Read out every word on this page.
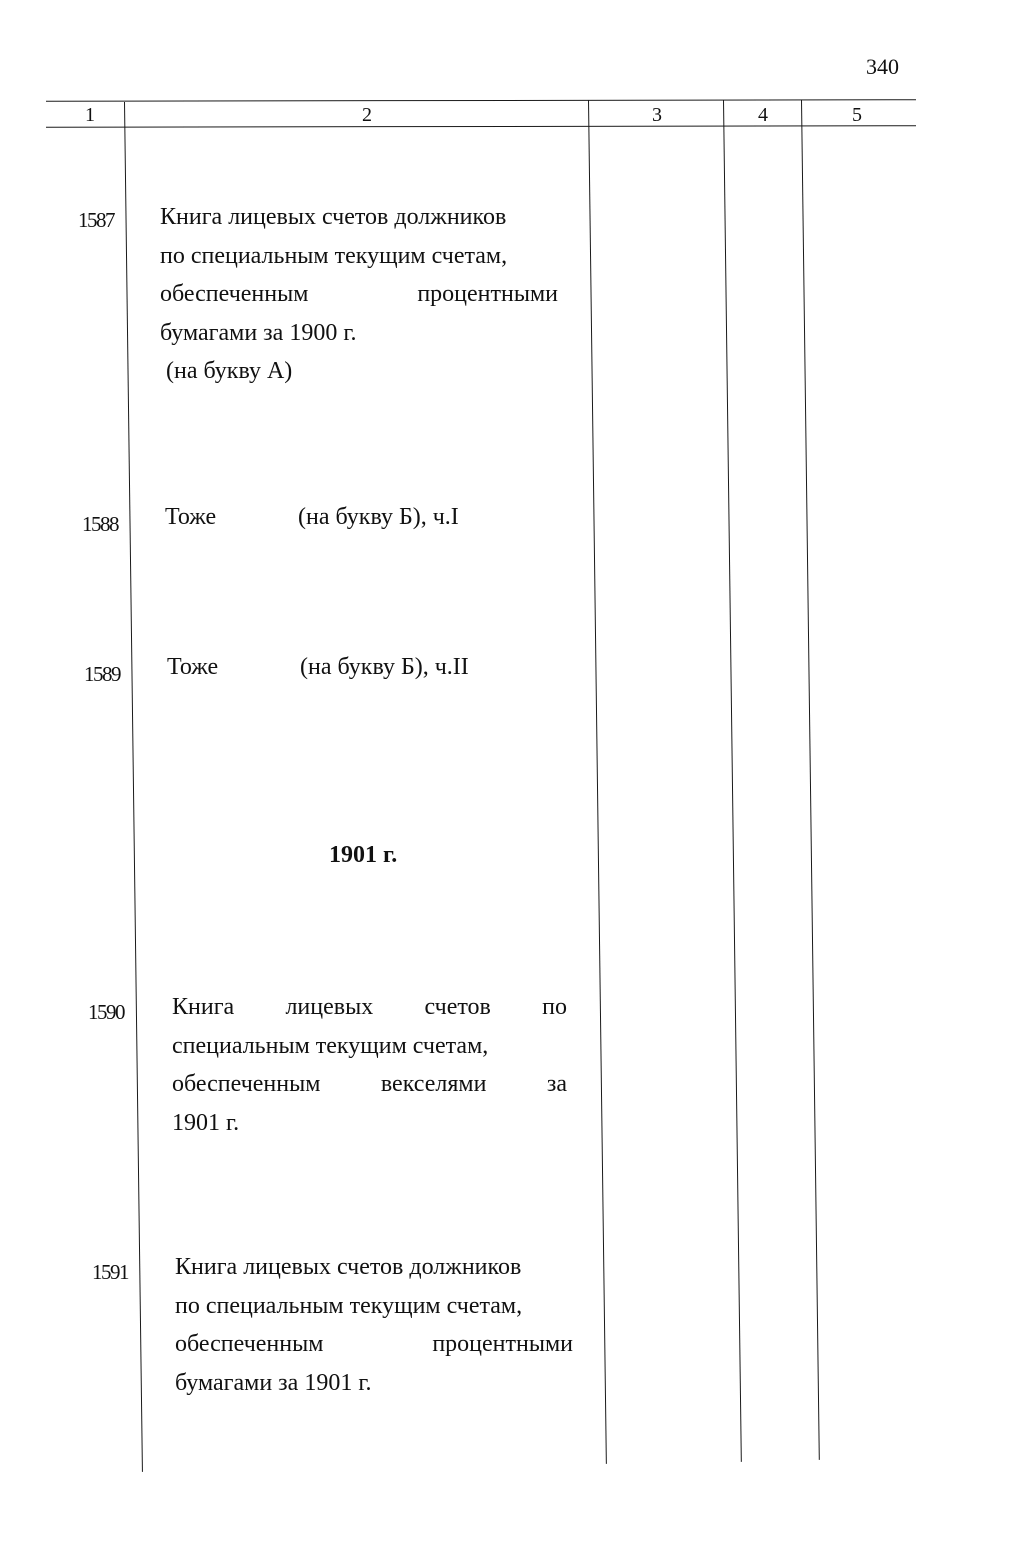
340
1	2	3	4	5
1587 Книга лицевых счетов должников
по специальным текущим счетам,
обеспеченным процентными
бумагами за 1900 г.
(на букву А)
1588 Тоже	(на букву Б), ч.I
1589 Тоже	(на букву Б), ч.II
1901 г.
1590 Книга лицевых счетов по
специальным текущим счетам,
обеспеченным векселями за
1901 г.
1591 Книга лицевых счетов должников
по специальным текущим счетам,
обеспеченным процентными
бумагами за 1901 г.
